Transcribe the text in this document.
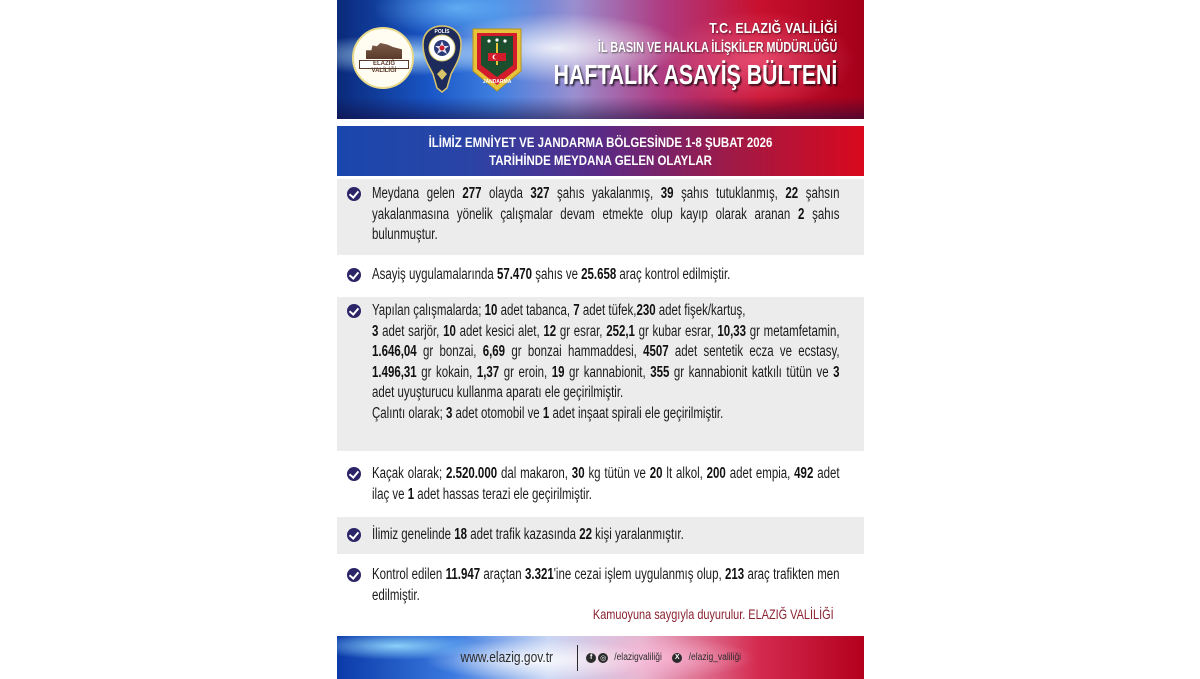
ELAZIĞ VALİLİĞİ
POLİS
JANDARMA
T.C. ELAZIĞ VALİLİĞİ
İL BASIN VE HALKLA İLİŞKİLER MÜDÜRLÜĞÜ
HAFTALIK ASAYİŞ BÜLTENİ
İLİMİZ EMNİYET VE JANDARMA BÖLGESİNDE 1-8 ŞUBAT 2026
TARİHİNDE MEYDANA GELEN OLAYLAR
Meydana gelen 277 olayda 327 şahıs yakalanmış, 39 şahıs tutuklanmış, 22 şahsın yakalanmasına yönelik çalışmalar devam etmekte olup kayıp olarak aranan 2 şahıs bulunmuştur.
Asayiş uygulamalarında 57.470 şahıs ve 25.658 araç kontrol edilmiştir.
Yapılan çalışmalarda; 10 adet tabanca, 7 adet tüfek,230 adet fişek/kartuş,
3 adet sarjör, 10 adet kesici alet, 12 gr esrar, 252,1 gr kubar esrar, 10,33 gr metamfetamin, 1.646,04 gr bonzai, 6,69 gr bonzai hammaddesi, 4507 adet sentetik ecza ve ecstasy, 1.496,31 gr kokain, 1,37 gr eroin, 19 gr kannabionit, 355 gr kannabionit katkılı tütün ve 3 adet uyuşturucu kullanma aparatı ele geçirilmiştir.
Çalıntı olarak; 3 adet otomobil ve 1 adet inşaat spirali ele geçirilmiştir.
Kaçak olarak; 2.520.000 dal makaron, 30 kg tütün ve 20 lt alkol, 200 adet empia, 492 adet ilaç ve 1 adet hassas terazi ele geçirilmiştir.
İlimiz genelinde 18 adet trafik kazasında 22 kişi yaralanmıştır.
Kontrol edilen 11.947 araçtan 3.321'ine cezai işlem uygulanmış olup, 213 araç trafikten men edilmiştir.
Kamuoyuna saygıyla duyurulur. ELAZIĞ VALİLİĞİ
www.elazig.gov.tr	f	◎ /elazigvaliliği	X /elazig_valiliği
